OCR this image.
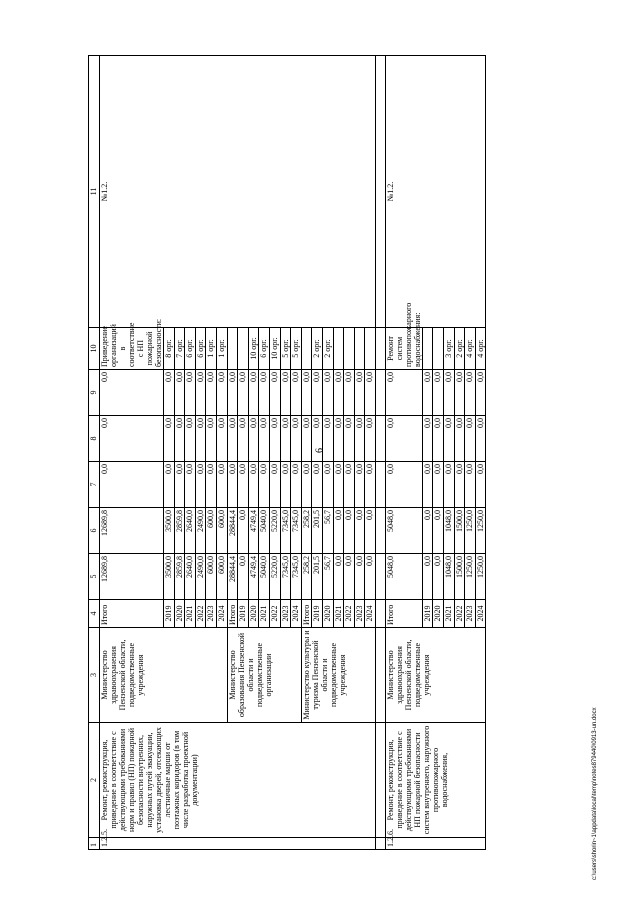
6
c:\users\shorin~1\appdata\local\temp\notes879440\0913-un.docx
1	2	3	4	5	6	7	8	9	10	11
1.2.5.	Ремонт, реконструкция, приведение в соответствие с действующими требованиями норм и правил (НП) пожарной безопасности внутренних, наружных путей эвакуации, установка дверей, отсекающих лестничные марши от поэтажных коридоров (в том числе разработка проектной документации)	Министерство здравоохранения Пензенской области, подведомственные учреждения	Итого	12689,8	12689,8	0,0	0,0	0,0	Приведение организаций в соответствие с НП пожарной безопасности:	№1.2.
			2019	3500,0	3500,0	0,0	0,0	0,0	8 орг.	
			2020	2859,8	2859,8	0,0	0,0	0,0	7 орг.	
			2021	2640,0	2640,0	0,0	0,0	0,0	6 орг.	
			2022	2490,0	2490,0	0,0	0,0	0,0	6 орг.	
			2023	600,0	600,0	0,0	0,0	0,0	1 орг.	
			2024	600,0	600,0	0,0	0,0	0,0	1 орг.	
		Министерство образования Пензенской области и подведомственные организации	Итого	28844,4	28844,4	0,0	0,0	0,0		
			2019	0,0	0,0	0,0	0,0	0,0		
			2020	4749,4	4749,4	0,0	0,0	0,0	10 орг.	
			2021	5040,0	5040,0	0,0	0,0	0,0	6 орг.	
			2022	5220,0	5220,0	0,0	0,0	0,0	10 орг.	
			2023	7345,0	7345,0	0,0	0,0	0,0	5 орг.	
			2024	7345,0	7345,0	0,0	0,0	0,0	5 орг.	
		Министерство культуры и туризма Пензенской области и подведомственные учреждения	Итого	258,2	258,2	0,0	0,0	0,0		
			2019	201,5	201,5	0,0	0,0	0,0	2 орг.	
			2020	56,7	56,7	0,0	0,0	0,0	2 орг.	
			2021	0,0	0,0	0,0	0,0	0,0		
			2022	0,0	0,0	0,0	0,0	0,0		
			2023	0,0	0,0	0,0	0,0	0,0		
			2024	0,0	0,0	0,0	0,0	0,0		

1.2.6.	Ремонт, реконструкция, приведение в соответствие с действующими требованиями НП пожарной безопасности систем внутреннего, наружного противопожарного водоснабжения,	Министерство здравоохранения Пензенской области, подведомственные учреждения	Итого	5048,0	5048,0	0,0	0,0	0,0	Ремонт систем противопожарного водоснабжения:	№1.2.
			2019	0,0	0,0	0,0	0,0	0,0		
			2020	0,0	0,0	0,0	0,0	0,0		
			2021	1048,0	1048,0	0,0	0,0	0,0	3 орг.	
			2022	1500,0	1500,0	0,0	0,0	0,0	2 орг.	
			2023	1250,0	1250,0	0,0	0,0	0,0	4 орг.	
			2024	1250,0	1250,0	0,0	0,0	0,0	4 орг.	
